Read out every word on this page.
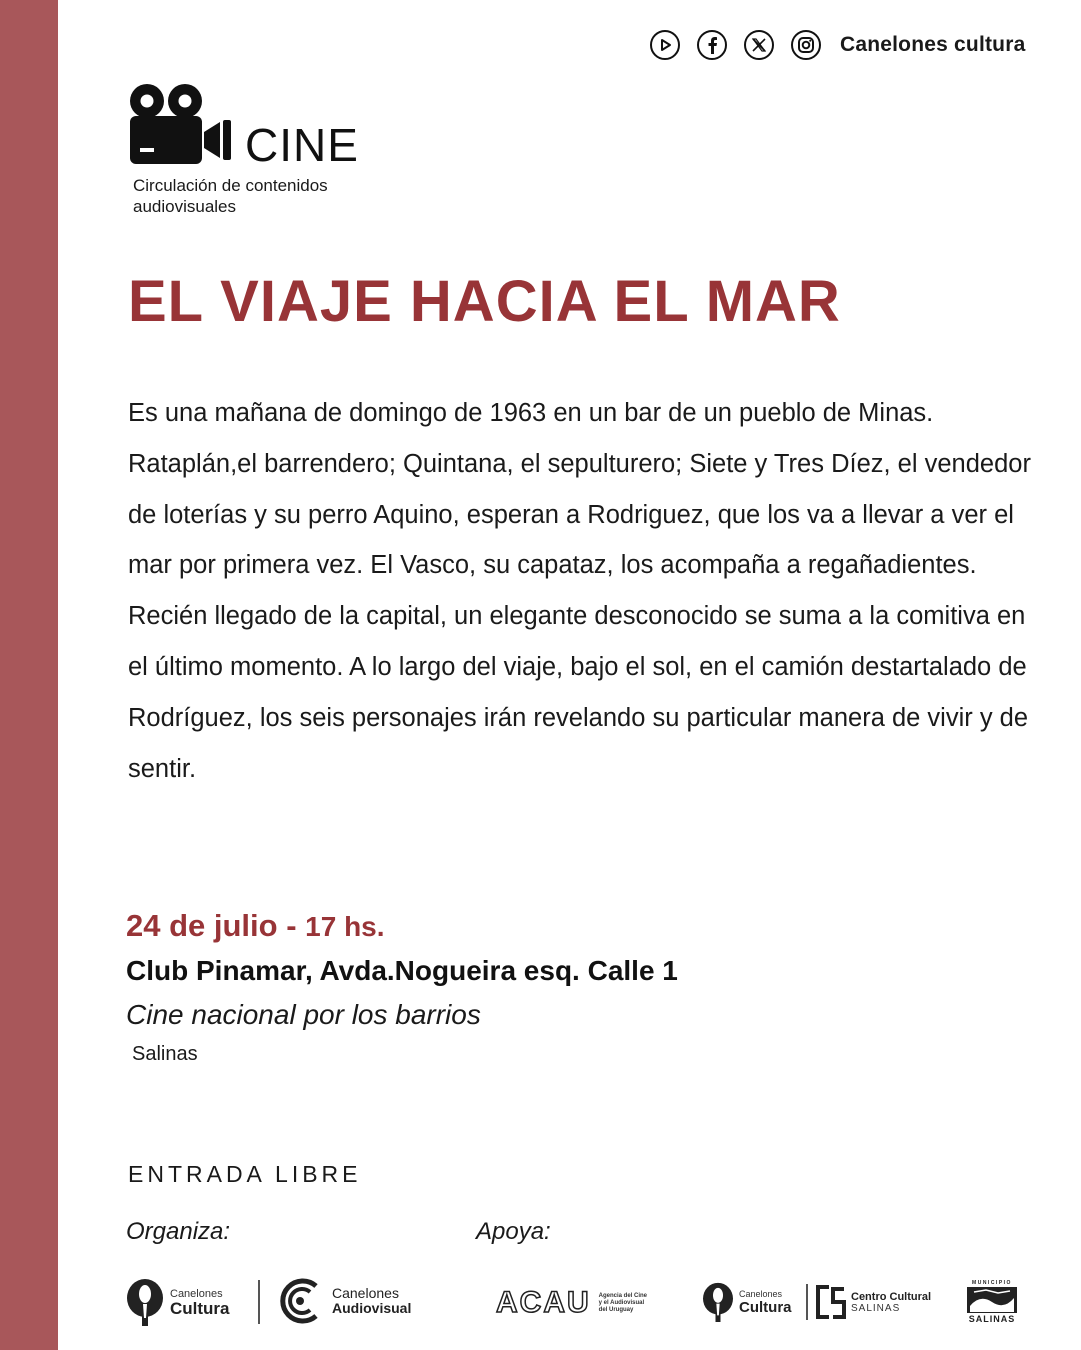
Canelones cultura
CINE
Circulación de contenidos
audiovisuales
EL VIAJE HACIA EL MAR
Es una mañana de domingo de 1963 en un bar de un pueblo de Minas. Rataplán,el barrendero; Quintana, el sepulturero; Siete y Tres Díez, el vendedor de loterías y su perro Aquino, esperan a Rodriguez, que los va a llevar a ver el mar por primera vez. El Vasco, su capataz, los acompaña a regañadientes. Recién llegado de la capital, un elegante desconocido se suma a la comitiva en el último momento. A lo largo del viaje, bajo el sol, en el camión destartalado de Rodríguez, los seis personajes irán revelando su particular manera de vivir y de sentir.
24 de julio - 17 hs.
Club Pinamar, Avda.Nogueira esq. Calle 1
Cine nacional por los barrios
Salinas
ENTRADA LIBRE
Organiza:	Apoya:
Canelones
Cultura
Canelones
Audiovisual	ACAU Agencia del Cine
y el Audiovisual
del Uruguay
Canelones
Cultura
Centro Cultural
SALINAS
MUNICIPIO
SALINAS
